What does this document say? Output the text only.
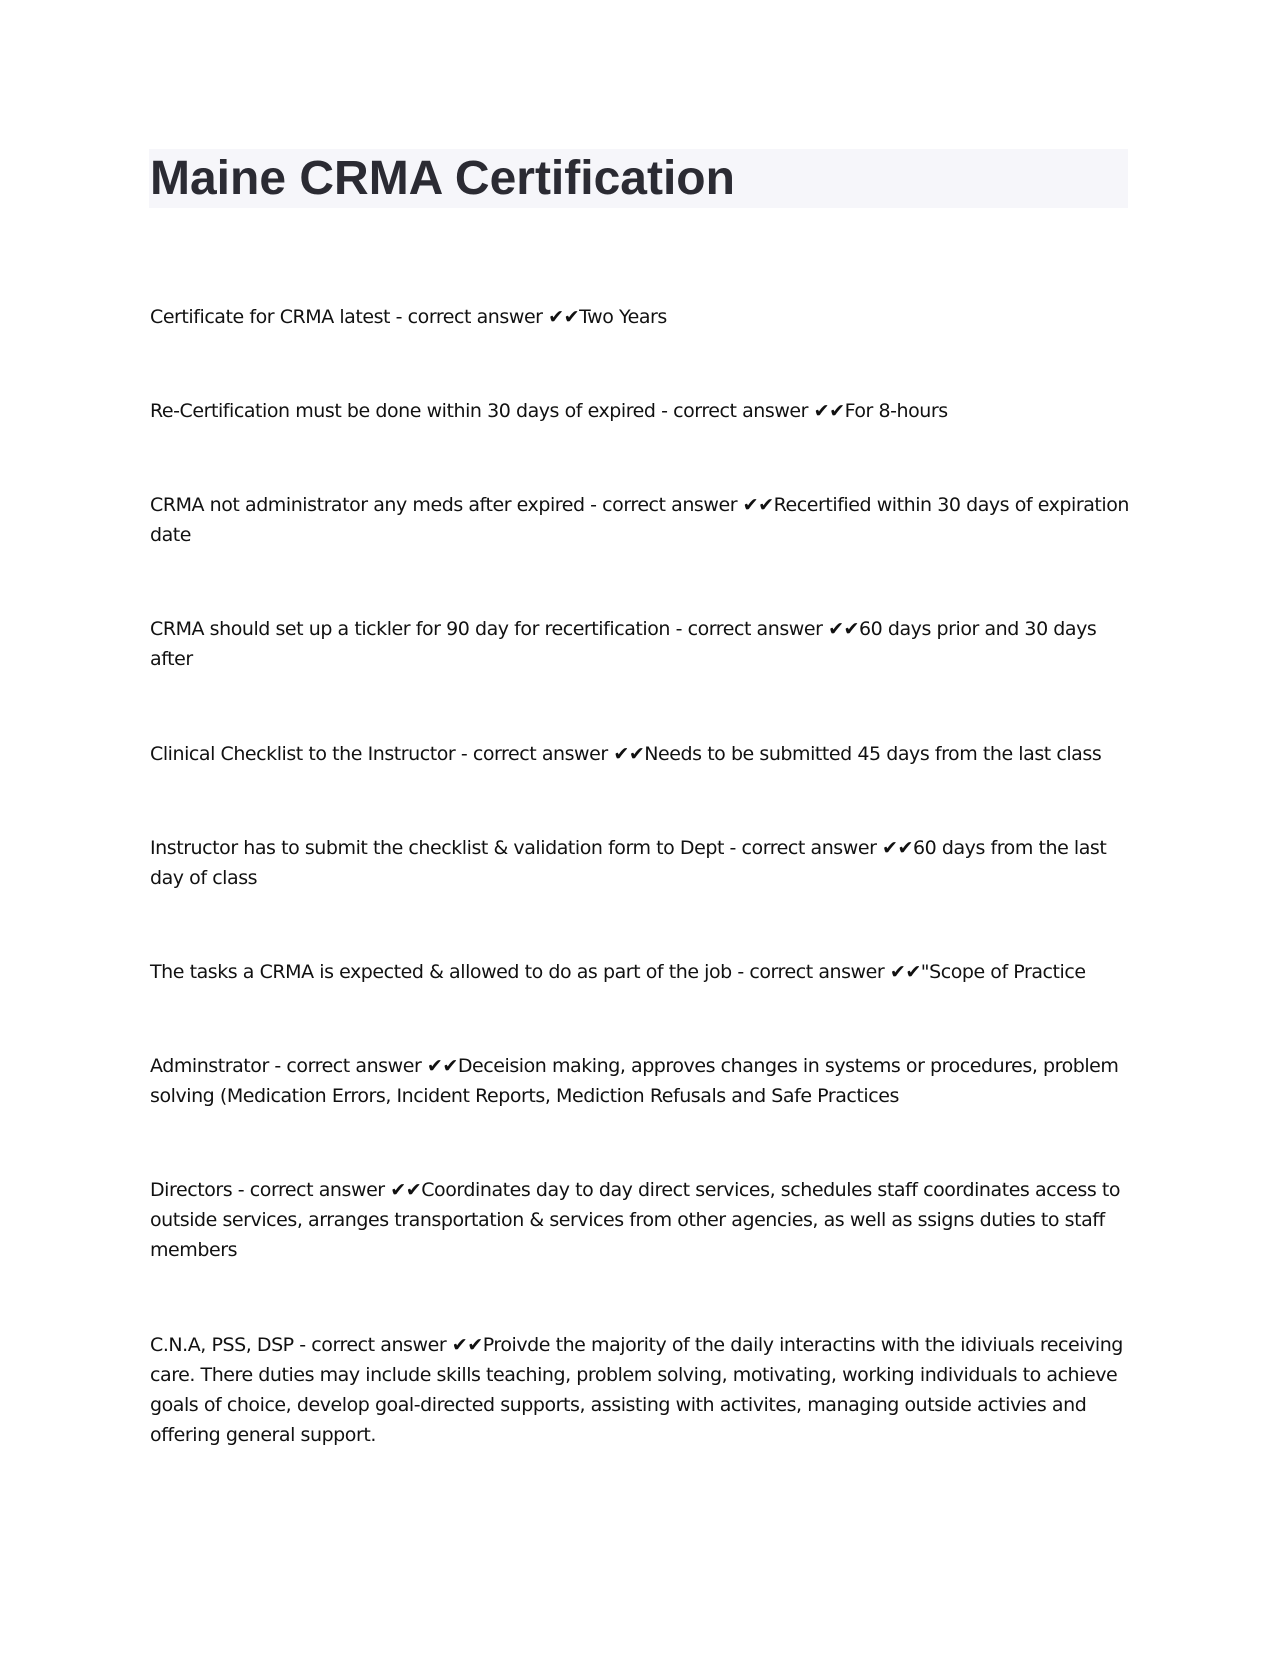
Maine CRMA Certification

Certificate for CRMA latest - correct answer ✔✔Two Years

Re-Certification must be done within 30 days of expired - correct answer ✔✔For 8-hours

CRMA not administrator any meds after expired - correct answer ✔✔Recertified within 30 days of expiration date

CRMA should set up a tickler for 90 day for recertification - correct answer ✔✔60 days prior and 30 days after

Clinical Checklist to the Instructor - correct answer ✔✔Needs to be submitted 45 days from the last class

Instructor has to submit the checklist & validation form to Dept - correct answer ✔✔60 days from the last day of class

The tasks a CRMA is expected & allowed to do as part of the job - correct answer ✔✔"Scope of Practice

Adminstrator - correct answer ✔✔Deceision making, approves changes in systems or procedures, problem solving (Medication Errors, Incident Reports, Mediction Refusals and Safe Practices

Directors - correct answer ✔✔Coordinates day to day direct services, schedules staff coordinates access to outside services, arranges transportation & services from other agencies, as well as ssigns duties to staff members

C.N.A, PSS, DSP - correct answer ✔✔Proivde the majority of the daily interactins with the idiviuals receiving care. There duties may include skills teaching, problem solving, motivating, working individuals to achieve goals of choice, develop goal-directed supports, assisting with activites, managing outside activies and offering general support.
